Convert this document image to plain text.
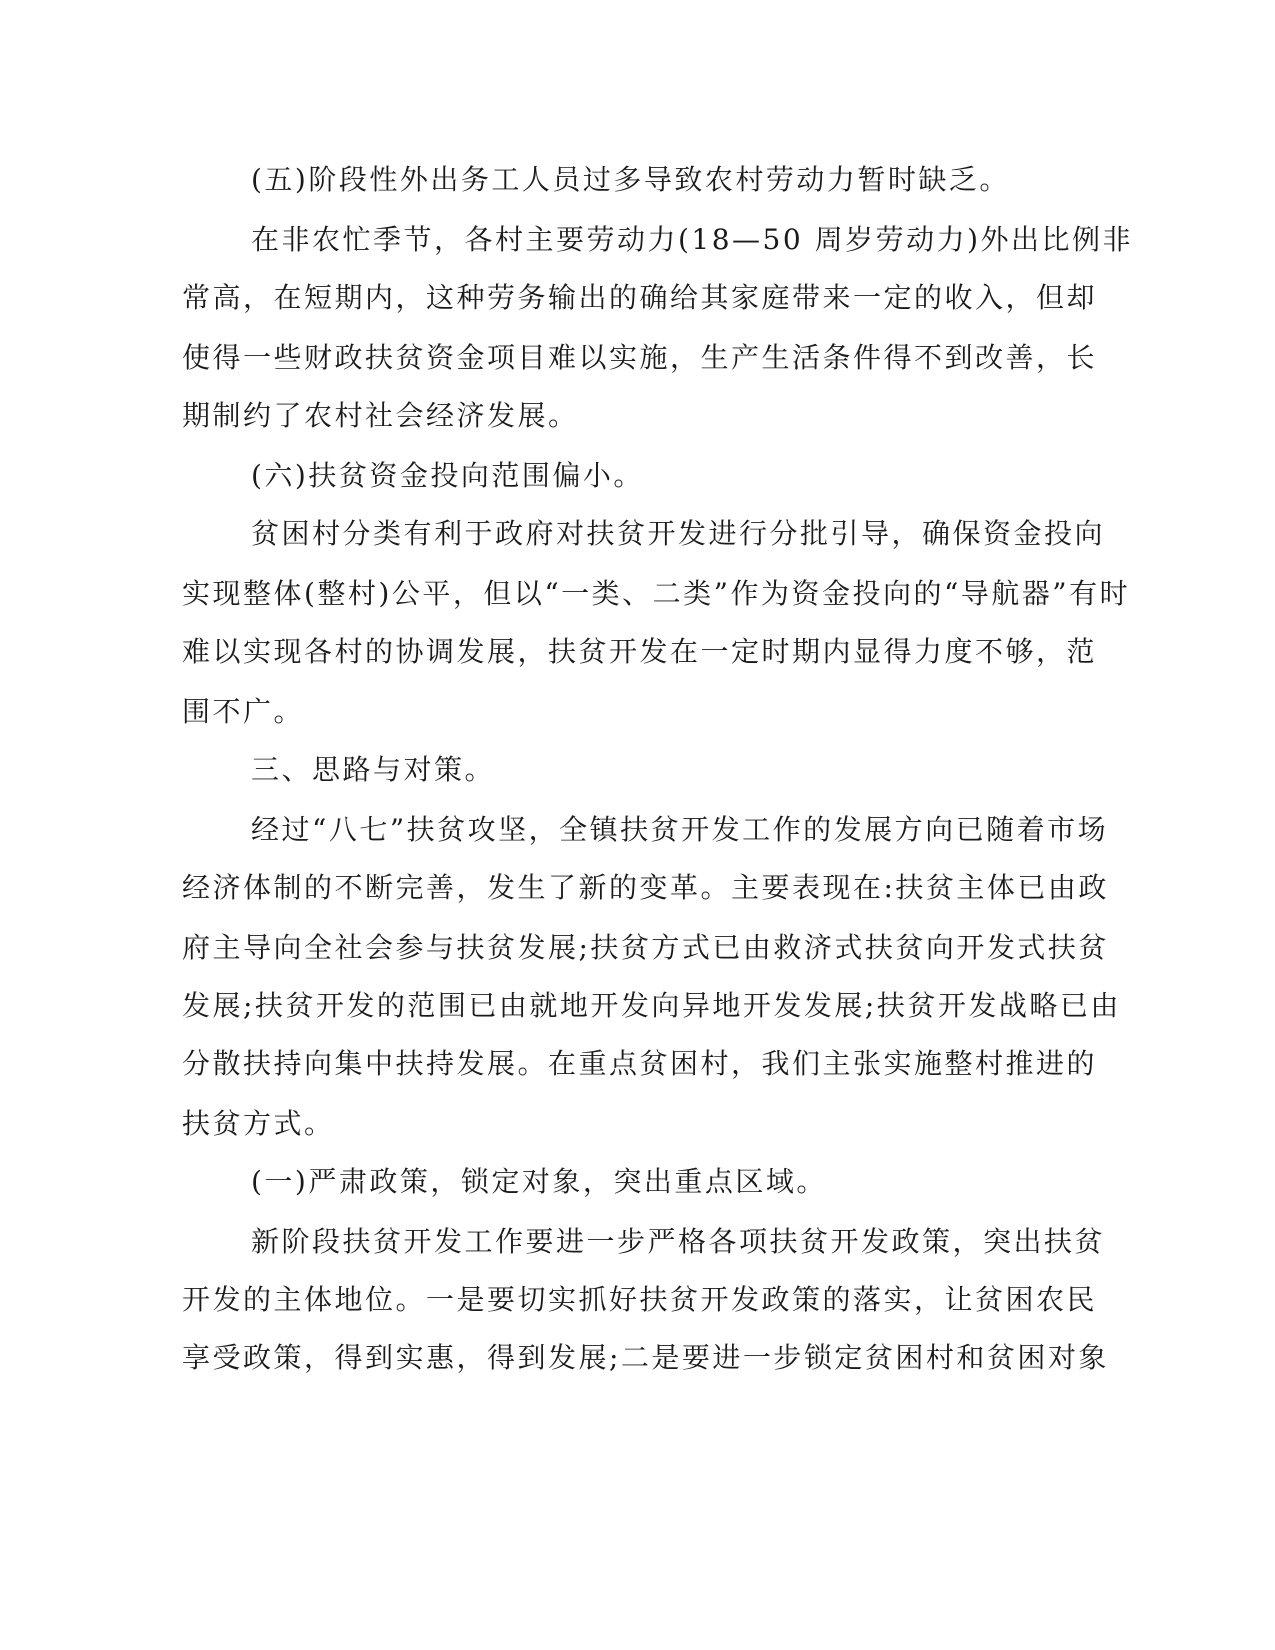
(五)阶段性外出务工人员过多导致农村劳动力暂时缺乏。
在非农忙季节，各村主要劳动力(18—50 周岁劳动力)外出比例非
常高，在短期内，这种劳务输出的确给其家庭带来一定的收入，但却
使得一些财政扶贫资金项目难以实施，生产生活条件得不到改善，长
期制约了农村社会经济发展。
(六)扶贫资金投向范围偏小。
贫困村分类有利于政府对扶贫开发进行分批引导，确保资金投向
实现整体(整村)公平，但以“一类、二类”作为资金投向的“导航器”有时
难以实现各村的协调发展，扶贫开发在一定时期内显得力度不够，范
围不广。
三、思路与对策。
经过“八七”扶贫攻坚，全镇扶贫开发工作的发展方向已随着市场
经济体制的不断完善，发生了新的变革。主要表现在:扶贫主体已由政
府主导向全社会参与扶贫发展;扶贫方式已由救济式扶贫向开发式扶贫
发展;扶贫开发的范围已由就地开发向异地开发发展;扶贫开发战略已由
分散扶持向集中扶持发展。在重点贫困村，我们主张实施整村推进的
扶贫方式。
(一)严肃政策，锁定对象，突出重点区域。
新阶段扶贫开发工作要进一步严格各项扶贫开发政策，突出扶贫
开发的主体地位。一是要切实抓好扶贫开发政策的落实，让贫困农民
享受政策，得到实惠，得到发展;二是要进一步锁定贫困村和贫困对象
